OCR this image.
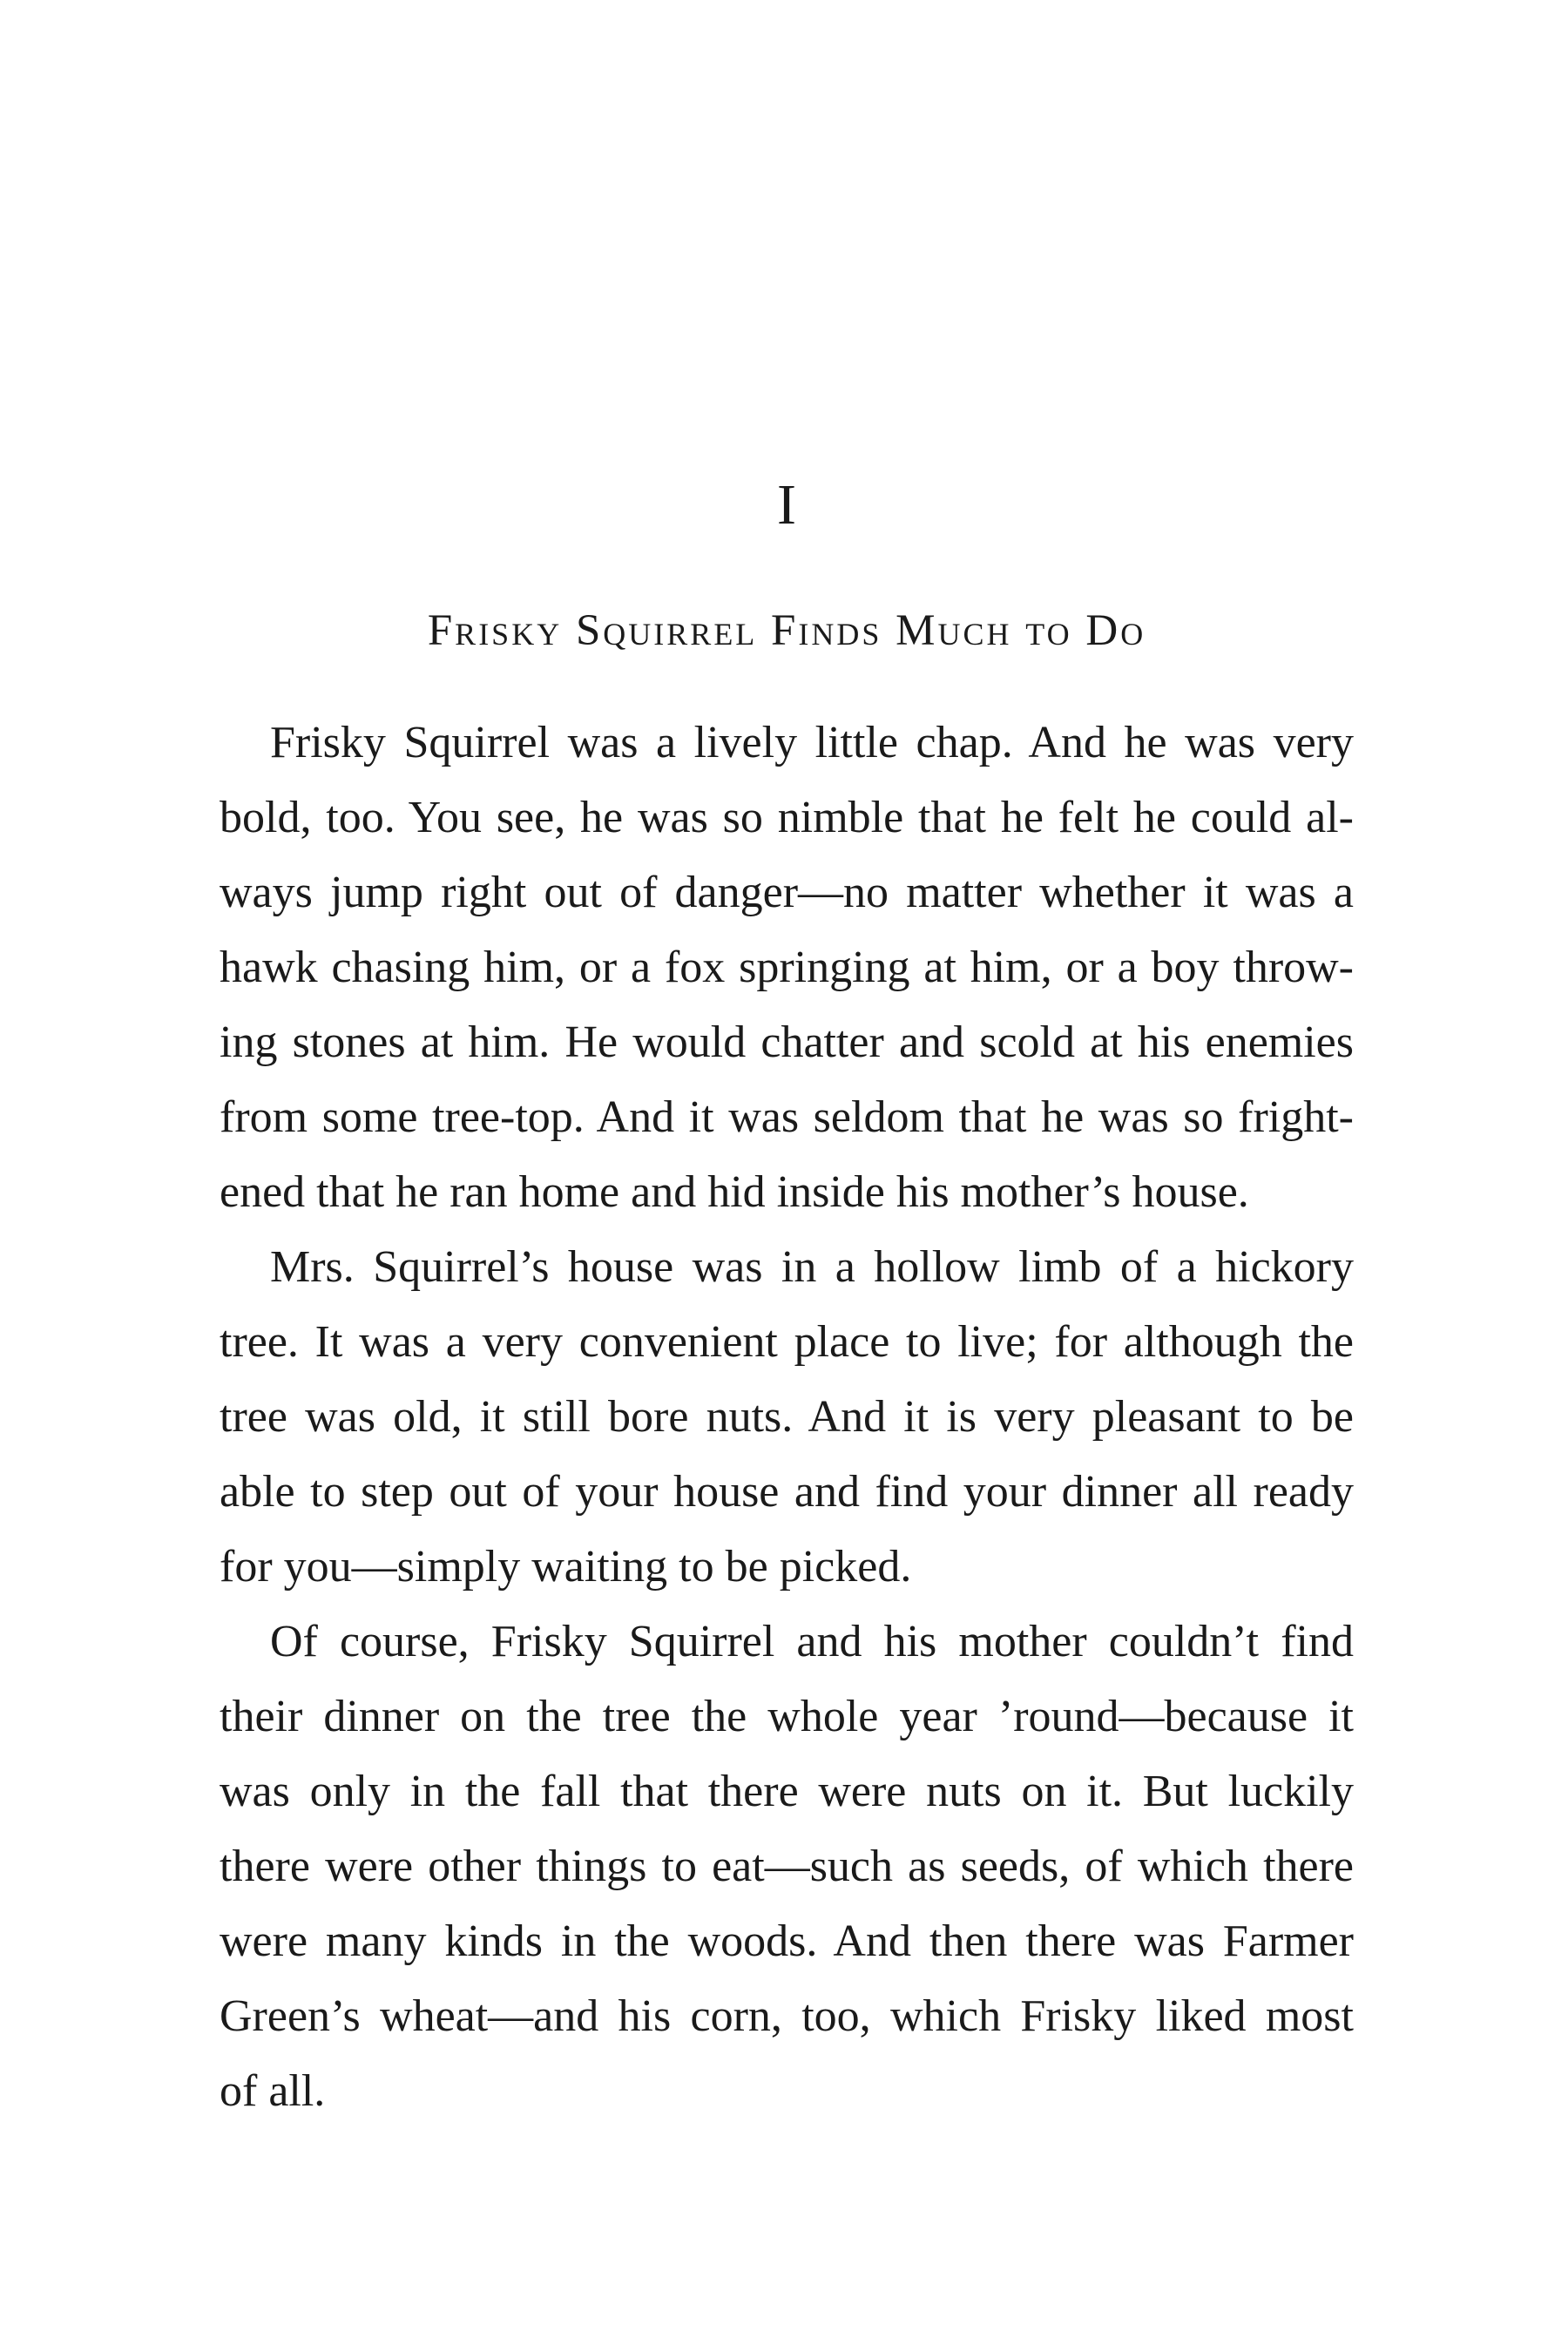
I
Frisky Squirrel Finds Much to Do
Frisky Squirrel was a lively little chap. And he was very
bold, too. You see, he was so nimble that he felt he could al-
ways jump right out of danger—no matter whether it was a
hawk chasing him, or a fox springing at him, or a boy throw-
ing stones at him. He would chatter and scold at his enemies
from some tree-top. And it was seldom that he was so fright-
ened that he ran home and hid inside his mother’s house.
Mrs. Squirrel’s house was in a hollow limb of a hickory
tree. It was a very convenient place to live; for although the
tree was old, it still bore nuts. And it is very pleasant to be
able to step out of your house and find your dinner all ready
for you—simply waiting to be picked.
Of course, Frisky Squirrel and his mother couldn’t find
their dinner on the tree the whole year ’round—because it
was only in the fall that there were nuts on it. But luckily
there were other things to eat—such as seeds, of which there
were many kinds in the woods. And then there was Farmer
Green’s wheat—and his corn, too, which Frisky liked most
of all.
